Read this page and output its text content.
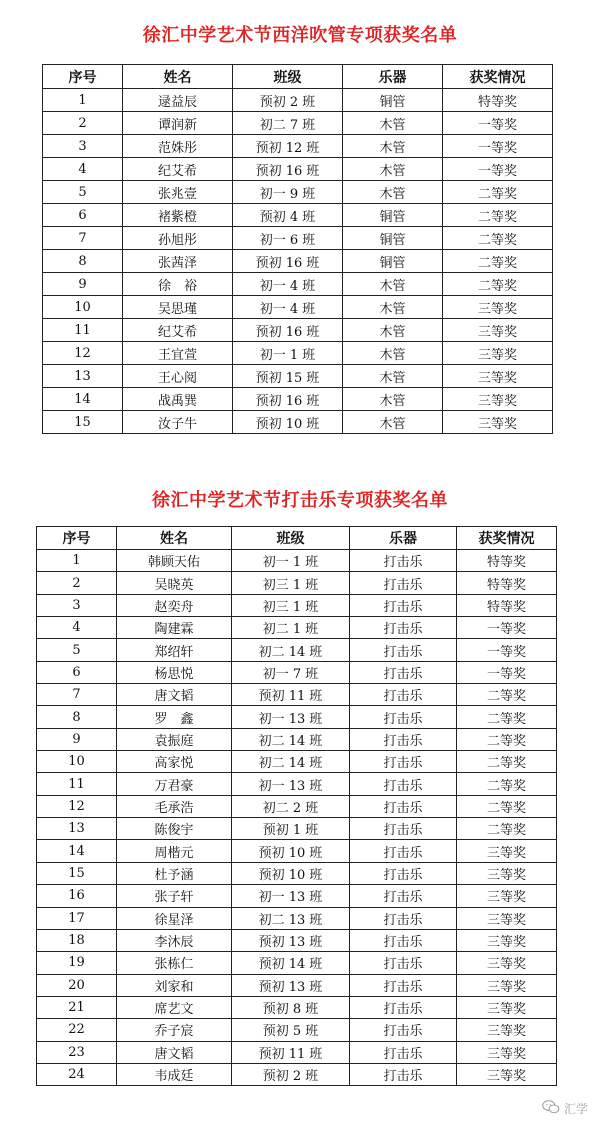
徐汇中学艺术节西洋吹管专项获奖名单
序号	姓名	班级	乐器	获奖情况
1	逯益辰	预初 2 班	铜管	特等奖
2	谭润新	初二 7 班	木管	一等奖
3	范姝彤	预初 12 班	木管	一等奖
4	纪艾希	预初 16 班	木管	一等奖
5	张兆壹	初一 9 班	木管	二等奖
6	褚紫橙	预初 4 班	铜管	二等奖
7	孙旭彤	初一 6 班	铜管	二等奖
8	张茜泽	预初 16 班	铜管	二等奖
9	徐　裕	初一 4 班	木管	二等奖
10	吴思瑾	初一 4 班	木管	三等奖
11	纪艾希	预初 16 班	木管	三等奖
12	王宜萱	初一 1 班	木管	三等奖
13	王心阅	预初 15 班	木管	三等奖
14	战禹巽	预初 16 班	木管	三等奖
15	汝子牛	预初 10 班	木管	三等奖
徐汇中学艺术节打击乐专项获奖名单
序号	姓名	班级	乐器	获奖情况
1	韩顾天佑	初一 1 班	打击乐	特等奖
2	吴晓英	初三 1 班	打击乐	特等奖
3	赵奕舟	初三 1 班	打击乐	特等奖
4	陶建霖	初二 1 班	打击乐	一等奖
5	郑绍轩	初二 14 班	打击乐	一等奖
6	杨思悦	初一 7 班	打击乐	一等奖
7	唐文韬	预初 11 班	打击乐	二等奖
8	罗　鑫	初一 13 班	打击乐	二等奖
9	袁振庭	初二 14 班	打击乐	二等奖
10	高家悦	初二 14 班	打击乐	二等奖
11	万君豪	初一 13 班	打击乐	二等奖
12	毛承浩	初二 2 班	打击乐	二等奖
13	陈俊宇	预初 1 班	打击乐	二等奖
14	周楷元	预初 10 班	打击乐	三等奖
15	杜予涵	预初 10 班	打击乐	三等奖
16	张子轩	初一 13 班	打击乐	三等奖
17	徐星泽	初二 13 班	打击乐	三等奖
18	李沐辰	预初 13 班	打击乐	三等奖
19	张栋仁	预初 14 班	打击乐	三等奖
20	刘家和	预初 13 班	打击乐	三等奖
21	席艺文	预初 8 班	打击乐	三等奖
22	乔子宸	预初 5 班	打击乐	三等奖
23	唐文韬	预初 11 班	打击乐	三等奖
24	韦成廷	预初 2 班	打击乐	三等奖
汇学
